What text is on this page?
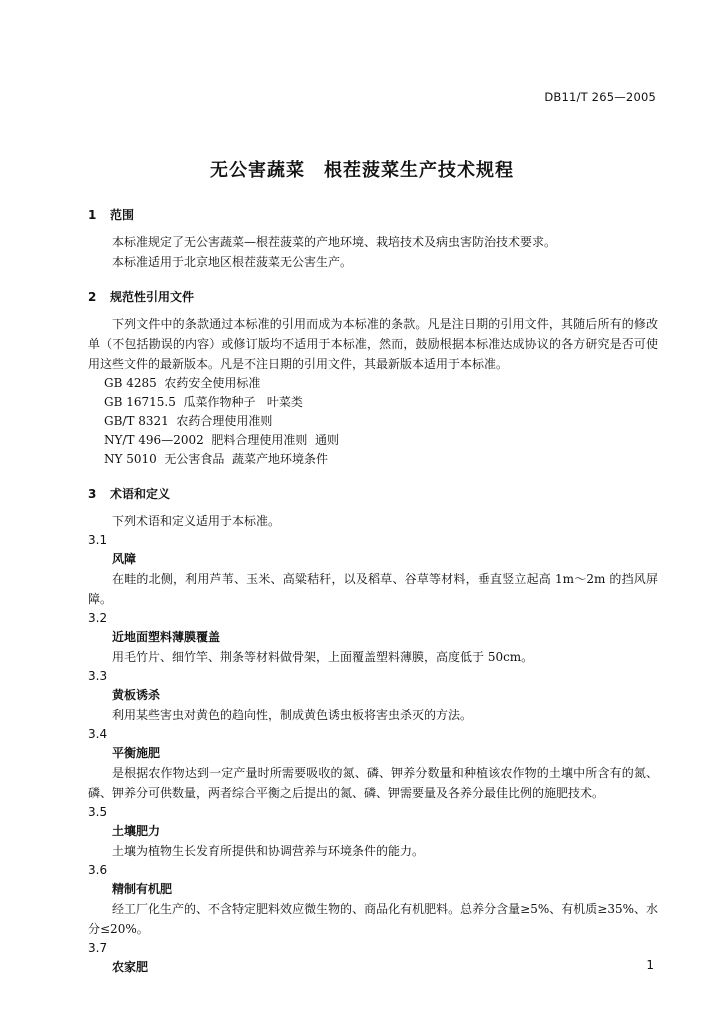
DB11/T 265—2005
无公害蔬菜　根茬菠菜生产技术规程
1 范围
本标准规定了无公害蔬菜—根茬菠菜的产地环境、栽培技术及病虫害防治技术要求。
本标准适用于北京地区根茬菠菜无公害生产。
2 规范性引用文件
下列文件中的条款通过本标准的引用而成为本标准的条款。凡是注日期的引用文件，其随后所有的修改单（不包括勘误的内容）或修订版均不适用于本标准，然而，鼓励根据本标准达成协议的各方研究是否可使用这些文件的最新版本。凡是不注日期的引用文件，其最新版本适用于本标准。
GB 4285  农药安全使用标准
GB 16715.5  瓜菜作物种子   叶菜类
GB/T 8321  农药合理使用准则
NY/T 496—2002  肥料合理使用准则  通则
NY 5010  无公害食品  蔬菜产地环境条件
3 术语和定义
下列术语和定义适用于本标准。
3.1
风障
在畦的北侧，利用芦苇、玉米、高粱秸秆，以及稻草、谷草等材料，垂直竖立起高 1m～2m 的挡风屏障。
3.2
近地面塑料薄膜覆盖
用毛竹片、细竹竿、荆条等材料做骨架，上面覆盖塑料薄膜，高度低于 50cm。
3.3
黄板诱杀
利用某些害虫对黄色的趋向性，制成黄色诱虫板将害虫杀灭的方法。
3.4
平衡施肥
是根据农作物达到一定产量时所需要吸收的氮、磷、钾养分数量和种植该农作物的土壤中所含有的氮、磷、钾养分可供数量，两者综合平衡之后提出的氮、磷、钾需要量及各养分最佳比例的施肥技术。
3.5
土壤肥力
土壤为植物生长发育所提供和协调营养与环境条件的能力。
3.6
精制有机肥
经工厂化生产的、不含特定肥料效应微生物的、商品化有机肥料。总养分含量≥5%、有机质≥35%、水分≤20%。
3.7
农家肥	1
